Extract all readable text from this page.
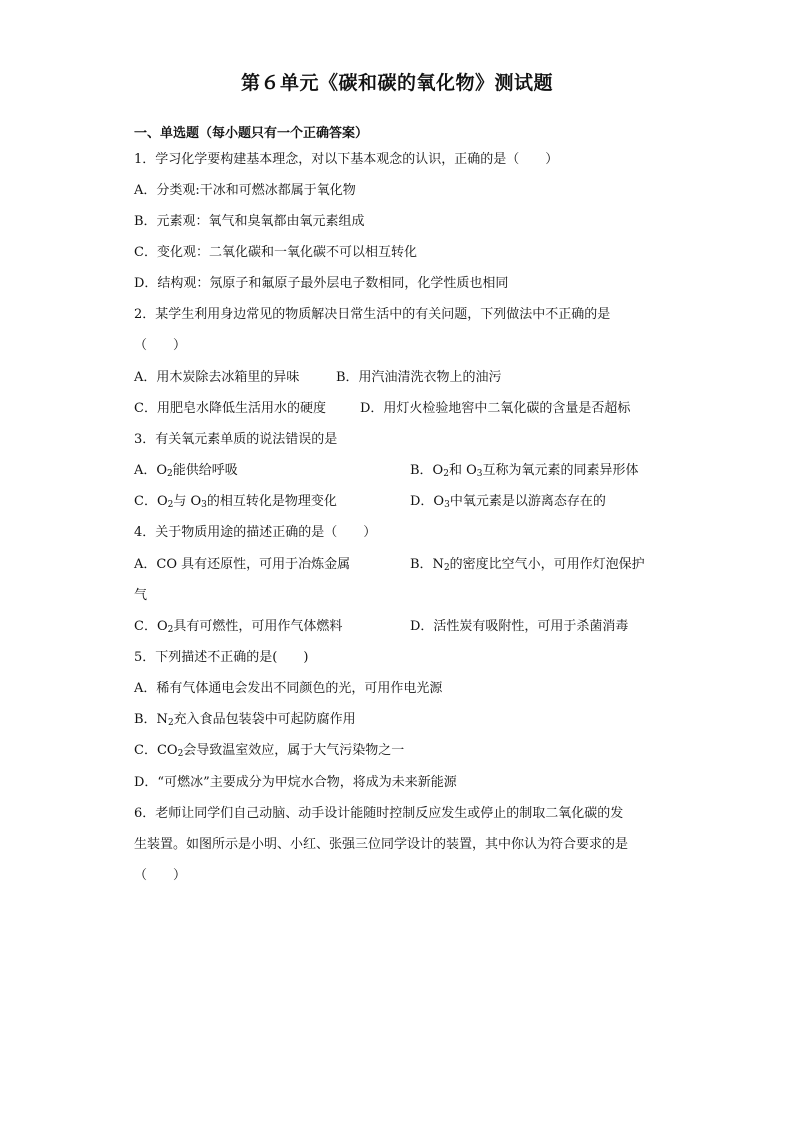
第６单元《碳和碳的氧化物》测试题
一、单选题（每小题只有一个正确答案）
1．学习化学要构建基本理念，对以下基本观念的认识，正确的是（　　）
A．分类观:干冰和可燃冰都属于氧化物
B．元素观：氧气和臭氧都由氧元素组成
C．变化观：二氧化碳和一氧化碳不可以相互转化
D．结构观：氖原子和氟原子最外层电子数相同，化学性质也相同
2．某学生利用身边常见的物质解决日常生活中的有关问题，下列做法中不正确的是
（　　）
A．用木炭除去冰箱里的异味	B．用汽油清洗衣物上的油污
C．用肥皂水降低生活用水的硬度	D．用灯火检验地窖中二氧化碳的含量是否超标
3．有关氧元素单质的说法错误的是
A．$O_2$能供给呼吸	B．$O_2$和 $O_3$互称为氧元素的同素异形体
C．$O_2$与 $O_3$的相互转化是物理变化	D．$O_3$中氧元素是以游离态存在的
4．关于物质用途的描述正确的是（　　）
A．CO 具有还原性，可用于冶炼金属	B．$N_2$的密度比空气小，可用作灯泡保护
气
C．$O_2$具有可燃性，可用作气体燃料	D．活性炭有吸附性，可用于杀菌消毒
5．下列描述不正确的是(　　)
A．稀有气体通电会发出不同颜色的光，可用作电光源
B．$N_2$充入食品包装袋中可起防腐作用
C．$CO_2$会导致温室效应，属于大气污染物之一
D．“可燃冰”主要成分为甲烷水合物，将成为未来新能源
6．老师让同学们自己动脑、动手设计能随时控制反应发生或停止的制取二氧化碳的发
生装置。如图所示是小明、小红、张强三位同学设计的装置，其中你认为符合要求的是
（　　）
